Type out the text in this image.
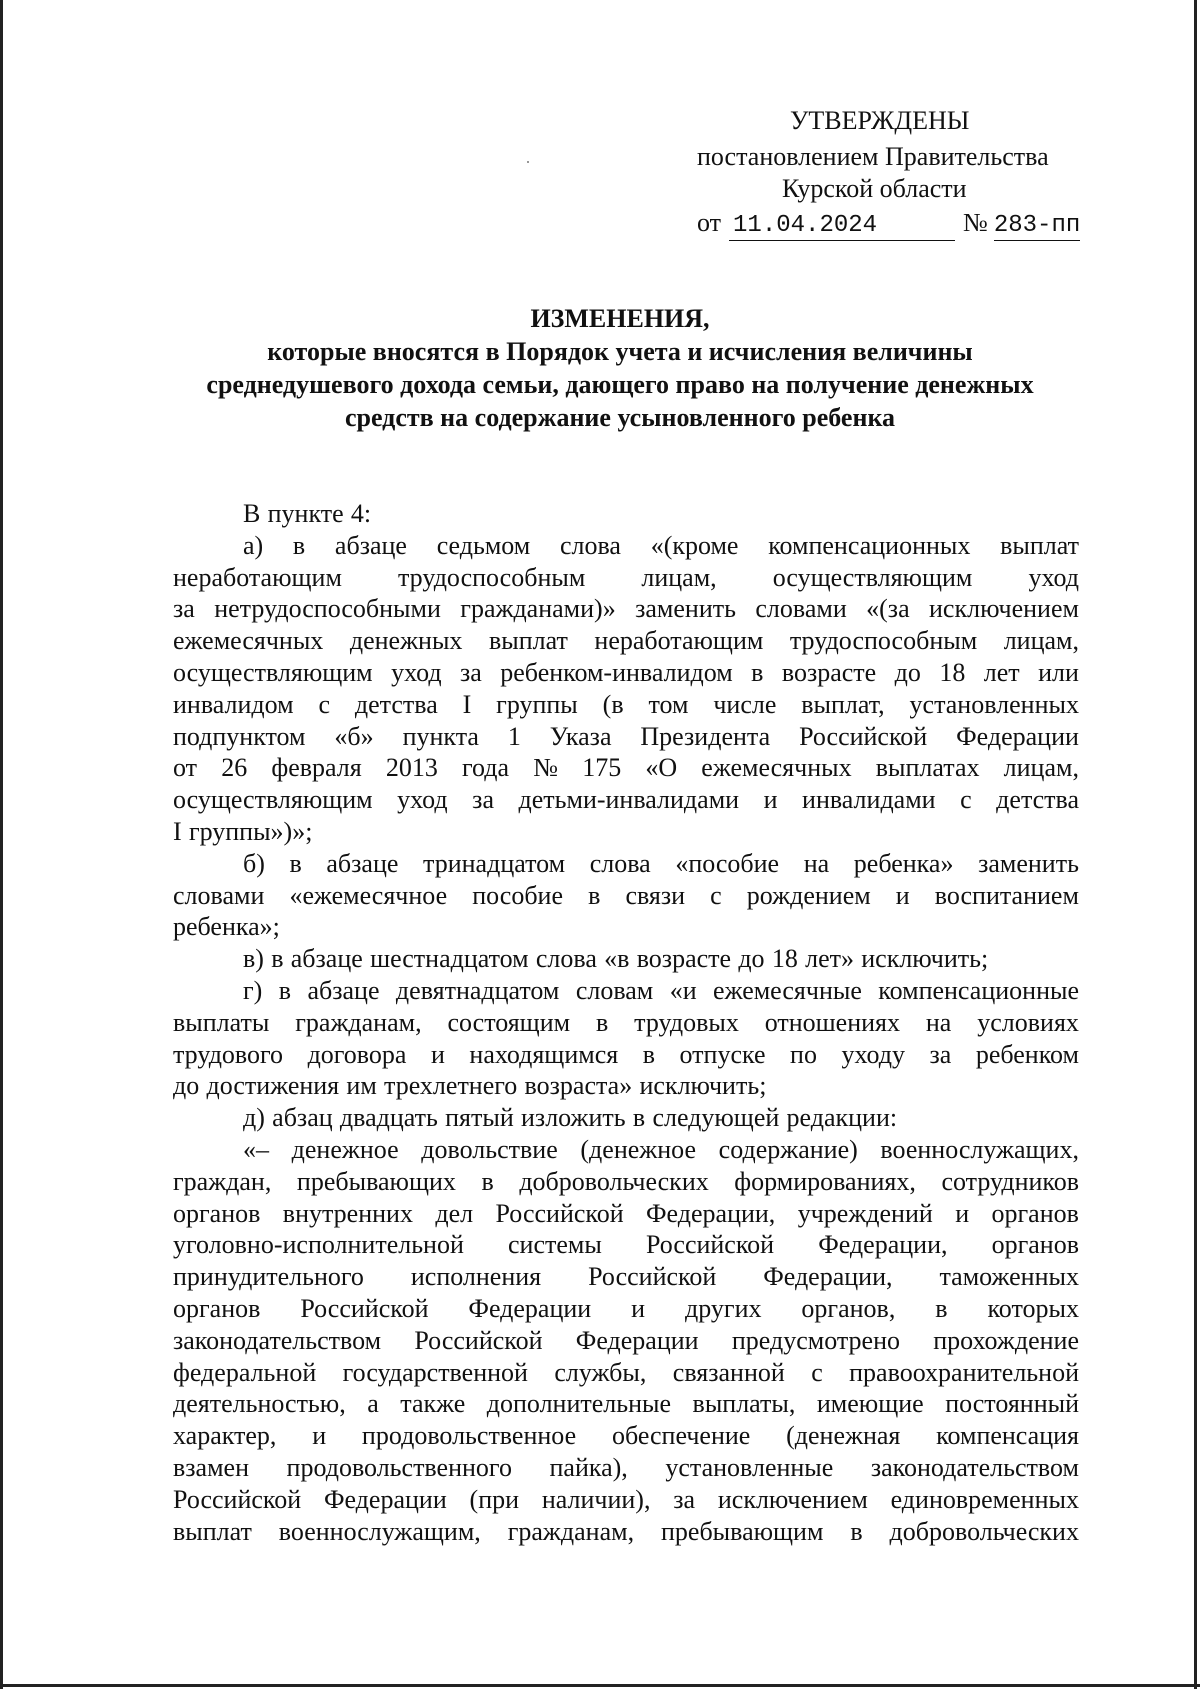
УТВЕРЖДЕНЫ
постановлением Правительства
Курской области
от 11.04.2024	№ 283-пп
ИЗМЕНЕНИЯ,
которые вносятся в Порядок учета и исчисления величины
среднедушевого дохода семьи, дающего право на получение денежных
средств на содержание усыновленного ребенка
В пункте 4:
а) в абзаце седьмом слова «(кроме компенсационных выплат
неработающим трудоспособным лицам, осуществляющим уход
за нетрудоспособными гражданами)» заменить словами «(за исключением
ежемесячных денежных выплат неработающим трудоспособным лицам,
осуществляющим уход за ребенком-инвалидом в возрасте до 18 лет или
инвалидом с детства I группы (в том числе выплат, установленных
подпунктом «б» пункта 1 Указа Президента Российской Федерации
от 26 февраля 2013 года № 175 «О ежемесячных выплатах лицам,
осуществляющим уход за детьми-инвалидами и инвалидами с детства
I группы»)»;
б) в абзаце тринадцатом слова «пособие на ребенка» заменить
словами «ежемесячное пособие в связи с рождением и воспитанием
ребенка»;
в) в абзаце шестнадцатом слова «в возрасте до 18 лет» исключить;
г) в абзаце девятнадцатом словам «и ежемесячные компенсационные
выплаты гражданам, состоящим в трудовых отношениях на условиях
трудового договора и находящимся в отпуске по уходу за ребенком
до достижения им трехлетнего возраста» исключить;
д) абзац двадцать пятый изложить в следующей редакции:
«– денежное довольствие (денежное содержание) военнослужащих,
граждан, пребывающих в добровольческих формированиях, сотрудников
органов внутренних дел Российской Федерации, учреждений и органов
уголовно-исполнительной системы Российской Федерации, органов
принудительного исполнения Российской Федерации, таможенных
органов Российской Федерации и других органов, в которых
законодательством Российской Федерации предусмотрено прохождение
федеральной государственной службы, связанной с правоохранительной
деятельностью, а также дополнительные выплаты, имеющие постоянный
характер, и продовольственное обеспечение (денежная компенсация
взамен продовольственного пайка), установленные законодательством
Российской Федерации (при наличии), за исключением единовременных
выплат военнослужащим, гражданам, пребывающим в добровольческих
